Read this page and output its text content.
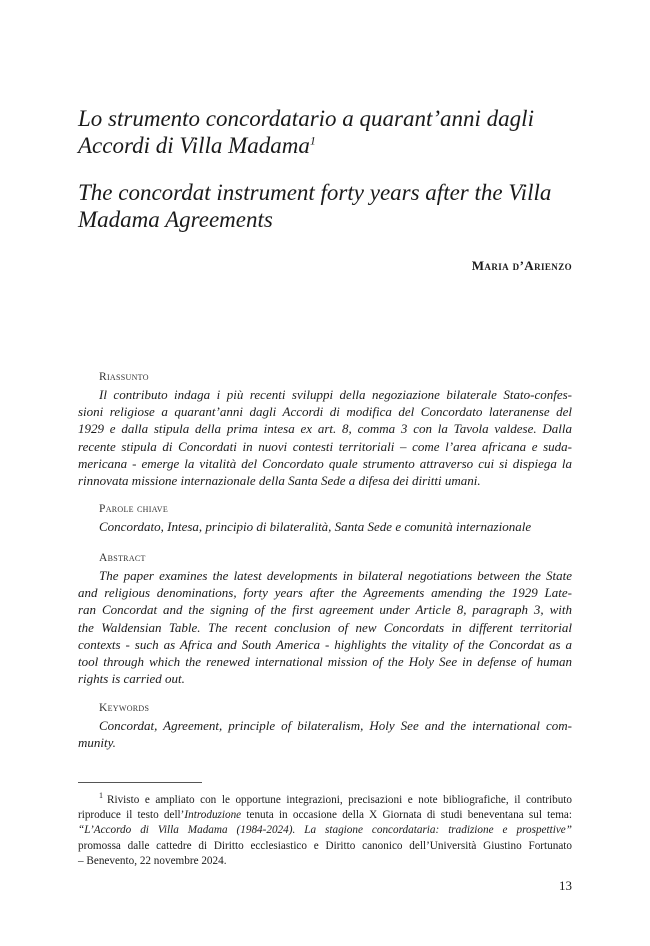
Lo strumento concordatario a quarant’anni dagli
Accordi di Villa Madama$^1$
The concordat instrument forty years after the Villa
Madama Agreements
Maria d’Arienzo
Riassunto

Il contributo indaga i più recenti sviluppi della negoziazione bilaterale Stato-confes-
sioni religiose a quarant’anni dagli Accordi di modifica del Concordato lateranense del
1929 e dalla stipula della prima intesa ex art. 8, comma 3 con la Tavola valdese. Dalla
recente stipula di Concordati in nuovi contesti territoriali – come l’area africana e suda-
mericana - emerge la vitalità del Concordato quale strumento attraverso cui si dispiega la
rinnovata missione internazionale della Santa Sede a difesa dei diritti umani.

Parole chiave

Concordato, Intesa, principio di bilateralità, Santa Sede e comunità internazionale

Abstract

The paper examines the latest developments in bilateral negotiations between the State
and religious denominations, forty years after the Agreements amending the 1929 Late-
ran Concordat and the signing of the first agreement under Article 8, paragraph 3, with
the Waldensian Table. The recent conclusion of new Concordats in different territorial
contexts - such as Africa and South America - highlights the vitality of the Concordat as a
tool through which the renewed international mission of the Holy See in defense of human
rights is carried out.

Keywords

Concordat, Agreement, principle of bilateralism, Holy See and the international com-
munity.

$^1$ Rivisto e ampliato con le opportune integrazioni, precisazioni e note bibliografiche, il contributo
riproduce il testo dell’Introduzione tenuta in occasione della X Giornata di studi beneventana sul tema:
“L’Accordo di Villa Madama (1984-2024). La stagione concordataria: tradizione e prospettive”
promossa dalle cattedre di Diritto ecclesiastico e Diritto canonico dell’Università Giustino Fortunato
– Benevento, 22 novembre 2024.
13
